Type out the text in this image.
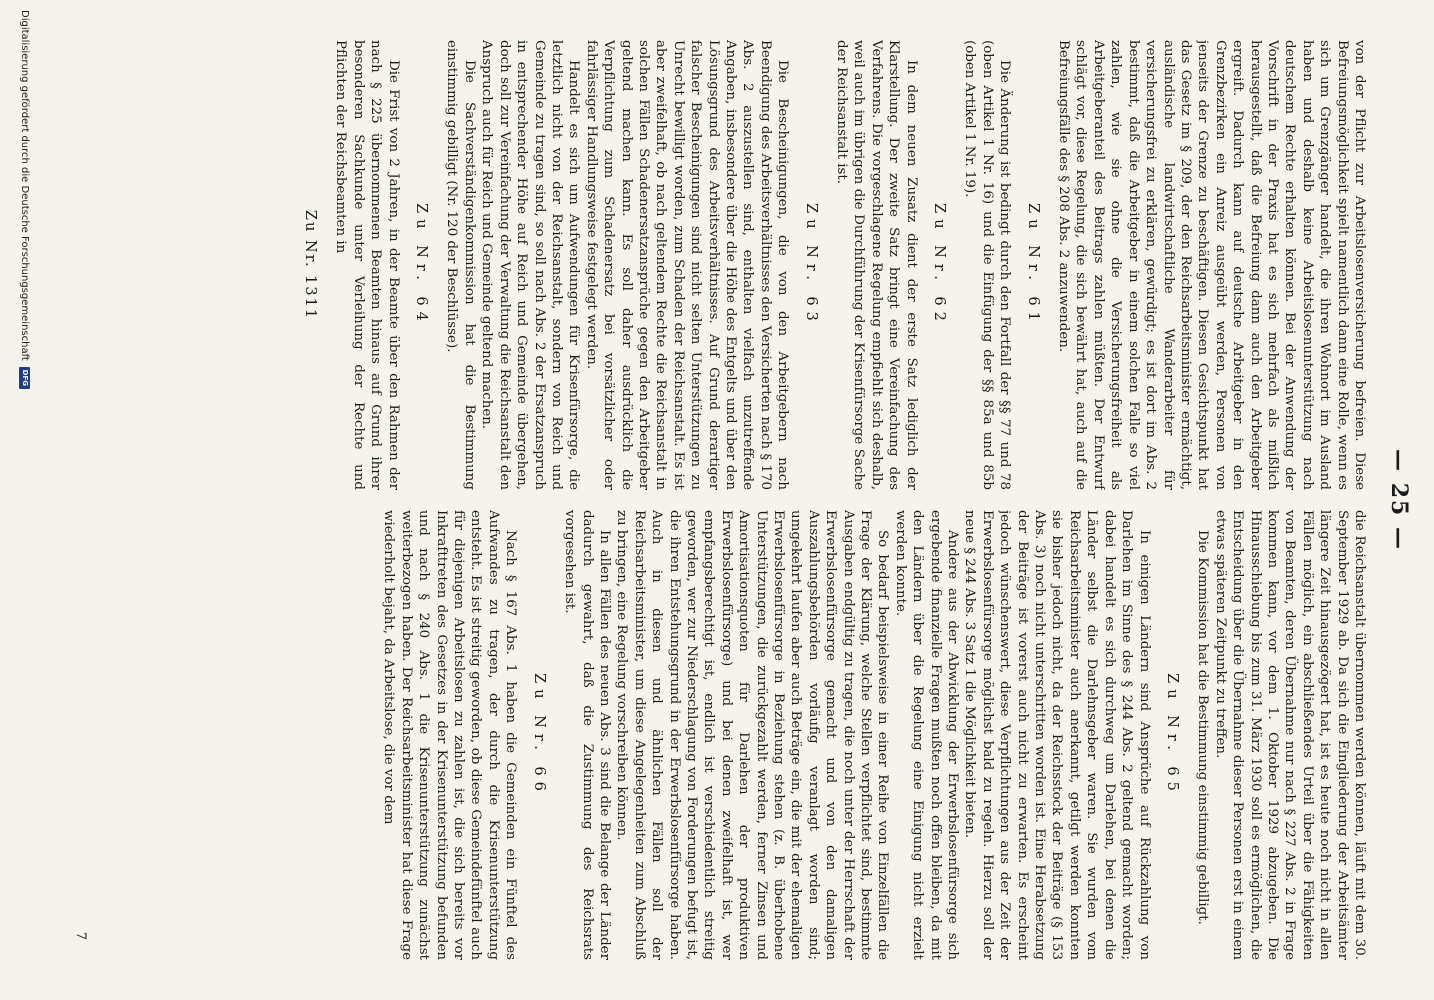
— 25 —

von der Pflicht zur Arbeitslosenversicherung befreien. Diese Befreiungsmöglichkeit spielt namentlich dann eine Rolle, wenn es sich um Grenzgänger handelt, die ihren Wohnort im Ausland haben und deshalb keine Arbeitslosenunterstützung nach deutschem Rechte erhalten können. Bei der Anwendung der Vorschrift in der Praxis hat es sich mehrfach als mißlich herausgestellt, daß die Befreiung dann auch den Arbeitgeber ergreift. Dadurch kann auf deutsche Arbeitgeber in den Grenzbezirken ein Anreiz ausgeübt werden, Personen von jenseits der Grenze zu beschäftigen. Diesen Gesichtspunkt hat das Gesetz im § 209, der den Reichsarbeitsminister ermächtigt, ausländische landwirtschaftliche Wanderarbeiter für versicherungsfrei zu erklären, gewürdigt; es ist dort im Abs. 2 bestimmt, daß die Arbeitgeber in einem solchen Falle so viel zahlen, wie sie ohne die Versicherungsfreiheit als Arbeitgeberanteil des Beitrags zahlen müßten. Der Entwurf schlägt vor, diese Regelung, die sich bewährt hat, auch auf die Befreiungsfälle des § 208 Abs. 2 anzuwenden.

Zu Nr. 61

Die Änderung ist bedingt durch den Fortfall der §§ 77 und 78 (oben Artikel 1 Nr. 16) und die Einfügung der §§ 85a und 85b (oben Artikel 1 Nr. 19).

Zu Nr. 62

In dem neuen Zusatz dient der erste Satz lediglich der Klarstellung. Der zweite Satz bringt eine Vereinfachung des Verfahrens. Die vorgeschlagene Regelung empfiehlt sich deshalb, weil auch im übrigen die Durchführung der Krisenfürsorge Sache der Reichsanstalt ist.

Zu Nr. 63

Die Bescheinigungen, die von den Arbeitgebern nach Beendigung des Arbeitsverhältnisses den Versicherten nach § 170 Abs. 2 auszustellen sind, enthalten vielfach unzutreffende Angaben, insbesondere über die Höhe des Entgelts und über den Lösungsgrund des Arbeitsverhältnisses. Auf Grund derartiger falscher Bescheinigungen sind nicht selten Unterstützungen zu Unrecht bewilligt worden, zum Schaden der Reichsanstalt. Es ist aber zweifelhaft, ob nach geltendem Rechte die Reichsanstalt in solchen Fällen Schadenersatzansprüche gegen den Arbeitgeber geltend machen kann. Es soll daher ausdrücklich die Verpflichtung zum Schadenersatz bei vorsätzlicher oder fahrlässiger Handlungsweise festgelegt werden.

Handelt es sich um Aufwendungen für Krisenfürsorge, die letztlich nicht von der Reichsanstalt, sondern von Reich und Gemeinde zu tragen sind, so soll nach Abs. 2 der Ersatzanspruch in entsprechender Höhe auf Reich und Gemeinde übergehen, doch soll zur Vereinfachung der Verwaltung die Reichsanstalt den Anspruch auch für Reich und Gemeinde geltend machen.

Die Sachverständigenkommission hat die Bestimmung einstimmig gebilligt (Nr. 120 der Beschlüsse).

Zu Nr. 64

Die Frist von 2 Jahren, in der Beamte über den Rahmen der nach § 225 übernommenen Beamten hinaus auf Grund ihrer besonderen Sachkunde unter Verleihung der Rechte und Pflichten der Reichsbeamten in

Zu Nr. 1311

die Reichsanstalt übernommen werden können, läuft mit dem 30. September 1929 ab. Da sich die Eingliederung der Arbeitsämter längere Zeit hinausgezögert hat, ist es heute noch nicht in allen Fällen möglich, ein abschließendes Urteil über die Fähigkeiten von Beamten, deren Übernahme nur nach § 227 Abs. 2 in Frage kommen kann, vor dem 1. Oktober 1929 abzugeben. Die Hinausschiebung bis zum 31. März 1930 soll es ermöglichen, die Entscheidung über die Übernahme dieser Personen erst in einem etwas späteren Zeitpunkt zu treffen.

Die Kommission hat die Bestimmung einstimmig gebilligt.

Zu Nr. 65

In einigen Ländern sind Ansprüche auf Rückzahlung von Darlehen im Sinne des § 244 Abs. 2 geltend gemacht worden; dabei handelt es sich durchweg um Darlehen, bei denen die Länder selbst die Darlehnsgeber waren. Sie wurden vom Reichsarbeitsminister auch anerkannt, getilgt werden konnten sie bisher jedoch nicht, da der Reichsstock der Beiträge (§ 153 Abs. 3) noch nicht unterschritten worden ist. Eine Herabsetzung der Beiträge ist vorerst auch nicht zu erwarten. Es erscheint jedoch wünschenswert, diese Verpflichtungen aus der Zeit der Erwerbslosenfürsorge möglichst bald zu regeln. Hierzu soll der neue § 244 Abs. 3 Satz 1 die Möglichkeit bieten.

Andere aus der Abwicklung der Erwerbslosenfürsorge sich ergebende finanzielle Fragen mußten noch offen bleiben, da mit den Ländern über die Regelung eine Einigung nicht erzielt werden konnte.

So bedarf beispielsweise in einer Reihe von Einzelfällen die Frage der Klärung, welche Stellen verpflichtet sind, bestimmte Ausgaben endgültig zu tragen, die noch unter der Herrschaft der Erwerbslosenfürsorge gemacht und von den damaligen Auszahlungsbehörden vorläufig veranlagt worden sind; umgekehrt laufen aber auch Beträge ein, die mit der ehemaligen Erwerbslosenfürsorge in Beziehung stehen (z. B. überhobene Unterstützungen, die zurückgezahlt werden, ferner Zinsen und Amortisationsquoten für Darlehen der produktiven Erwerbslosenfürsorge) und bei denen zweifelhaft ist, wer empfangsberechtigt ist, endlich ist verschiedentlich streitig geworden, wer zur Niederschlagung von Forderungen befugt ist, die ihren Entstehungsgrund in der Erwerbslosenfürsorge haben. Auch in diesen und ähnlichen Fällen soll der Reichsarbeitsminister, um diese Angelegenheiten zum Abschluß zu bringen, eine Regelung vorschreiben können.

In allen Fällen des neuen Abs. 3 sind die Belange der Länder dadurch gewahrt, daß die Zustimmung des Reichsrats vorgesehen ist.

Zu Nr. 66

Nach § 167 Abs. 1 haben die Gemeinden ein Fünftel des Aufwandes zu tragen, der durch die Krisenunterstützung entsteht. Es ist streitig geworden, ob diese Gemeindefünftel auch für diejenigen Arbeitslosen zu zahlen ist, die sich bereits vor Inkrafttreten des Gesetzes in der Krisenunterstützung befunden und nach § 240 Abs. 1 die Krisenunterstützung zunächst weiterbezogen haben. Der Reichsarbeitsminister hat diese Frage wiederholt bejaht, da Arbeitslose, die vor dem

7
Digitalisierung gefördert durch die Deutsche Forschungsgemeinschaft
DFG
